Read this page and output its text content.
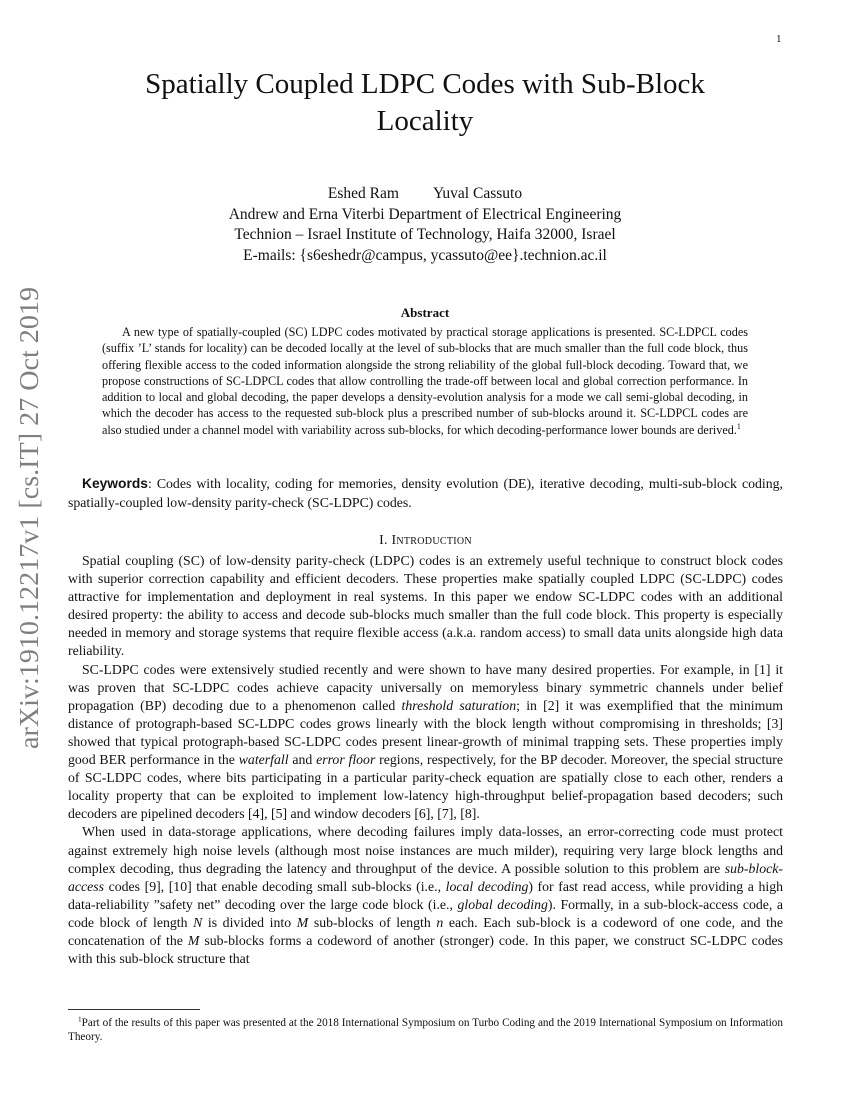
1
arXiv:1910.12217v1 [cs.IT] 27 Oct 2019
Spatially Coupled LDPC Codes with Sub-Block
Locality
Eshed Ram Yuval Cassuto
Andrew and Erna Viterbi Department of Electrical Engineering
Technion – Israel Institute of Technology, Haifa 32000, Israel
E-mails: {s6eshedr@campus, ycassuto@ee}.technion.ac.il
Abstract
A new type of spatially-coupled (SC) LDPC codes motivated by practical storage applications is presented. SC-LDPCL codes (suffix ’L’ stands for locality) can be decoded locally at the level of sub-blocks that are much smaller than the full code block, thus offering flexible access to the coded information alongside the strong reliability of the global full-block decoding. Toward that, we propose constructions of SC-LDPCL codes that allow controlling the trade-off between local and global correction performance. In addition to local and global decoding, the paper develops a density-evolution analysis for a mode we call semi-global decoding, in which the decoder has access to the requested sub-block plus a prescribed number of sub-blocks around it. SC-LDPCL codes are also studied under a channel model with variability across sub-blocks, for which decoding-performance lower bounds are derived.$^1$
Keywords: Codes with locality, coding for memories, density evolution (DE), iterative decoding, multi-sub-block coding, spatially-coupled low-density parity-check (SC-LDPC) codes.
I. Introduction

Spatial coupling (SC) of low-density parity-check (LDPC) codes is an extremely useful technique to construct block codes with superior correction capability and efficient decoders. These properties make spatially coupled LDPC (SC-LDPC) codes attractive for implementation and deployment in real systems. In this paper we endow SC-LDPC codes with an additional desired property: the ability to access and decode sub-blocks much smaller than the full code block. This property is especially needed in memory and storage systems that require flexible access (a.k.a. random access) to small data units alongside high data reliability.

SC-LDPC codes were extensively studied recently and were shown to have many desired properties. For example, in [1] it was proven that SC-LDPC codes achieve capacity universally on memoryless binary symmetric channels under belief propagation (BP) decoding due to a phenomenon called threshold saturation; in [2] it was exemplified that the minimum distance of protograph-based SC-LDPC codes grows linearly with the block length without compromising in thresholds; [3] showed that typical protograph-based SC-LDPC codes present linear-growth of minimal trapping sets. These properties imply good BER performance in the waterfall and error floor regions, respectively, for the BP decoder. Moreover, the special structure of SC-LDPC codes, where bits participating in a particular parity-check equation are spatially close to each other, renders a locality property that can be exploited to implement low-latency high-throughput belief-propagation based decoders; such decoders are pipelined decoders [4], [5] and window decoders [6], [7], [8].

When used in data-storage applications, where decoding failures imply data-losses, an error-correcting code must protect against extremely high noise levels (although most noise instances are much milder), requiring very large block lengths and complex decoding, thus degrading the latency and throughput of the device. A possible solution to this problem are sub-block-access codes [9], [10] that enable decoding small sub-blocks (i.e., local decoding) for fast read access, while providing a high data-reliability ”safety net” decoding over the large code block (i.e., global decoding). Formally, in a sub-block-access code, a code block of length N is divided into M sub-blocks of length n each. Each sub-block is a codeword of one code, and the concatenation of the M sub-blocks forms a codeword of another (stronger) code. In this paper, we construct SC-LDPC codes with this sub-block structure that

$^1$Part of the results of this paper was presented at the 2018 International Symposium on Turbo Coding and the 2019 International Symposium on Information Theory.
